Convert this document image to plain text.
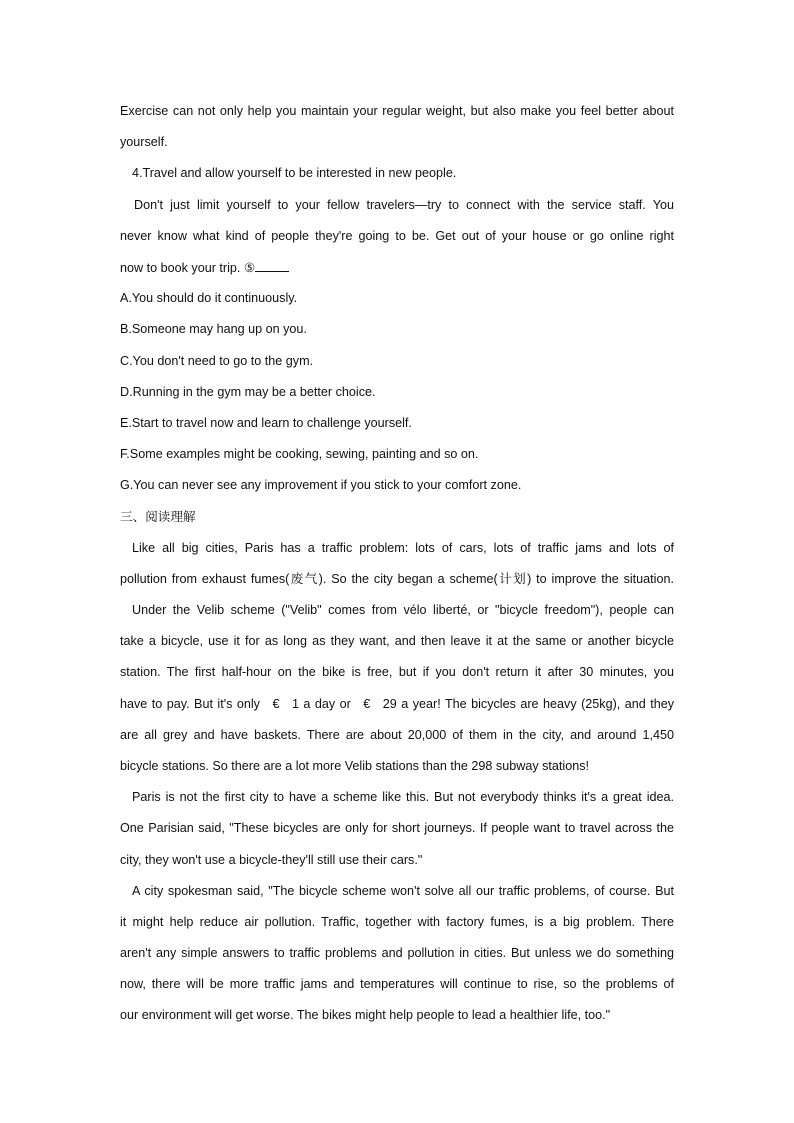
Exercise can not only help you maintain your regular weight, but also make you feel better about
yourself.
4.Travel and allow yourself to be interested in new people.
Don't just limit yourself to your fellow travelers—try to connect with the service staff. You
never know what kind of people they're going to be. Get out of your house or go online right
now to book your trip. ⑤
A.You should do it continuously.
B.Someone may hang up on you.
C.You don't need to go to the gym.
D.Running in the gym may be a better choice.
E.Start to travel now and learn to challenge yourself.
F.Some examples might be cooking, sewing, painting and so on.
G.You can never see any improvement if you stick to your comfort zone.
三、阅读理解
Like all big cities, Paris has a traffic problem: lots of cars, lots of traffic jams and lots of
pollution from exhaust fumes(废气). So the city began a scheme(计划) to improve the situation.
Under the Velib scheme ("Velib" comes from vélo liberté, or "bicycle freedom"), people can
take a bicycle, use it for as long as they want, and then leave it at the same or another bicycle
station. The first half-hour on the bike is free, but if you don't return it after 30 minutes, you
have to pay. But it's only € 1 a day or € 29 a year! The bicycles are heavy (25kg), and they
are all grey and have baskets. There are about 20,000 of them in the city, and around 1,450
bicycle stations. So there are a lot more Velib stations than the 298 subway stations!
Paris is not the first city to have a scheme like this. But not everybody thinks it's a great idea.
One Parisian said, "These bicycles are only for short journeys. If people want to travel across the
city, they won't use a bicycle-they'll still use their cars."
A city spokesman said, "The bicycle scheme won't solve all our traffic problems, of course. But
it might help reduce air pollution. Traffic, together with factory fumes, is a big problem. There
aren't any simple answers to traffic problems and pollution in cities. But unless we do something
now, there will be more traffic jams and temperatures will continue to rise, so the problems of
our environment will get worse. The bikes might help people to lead a healthier life, too."
